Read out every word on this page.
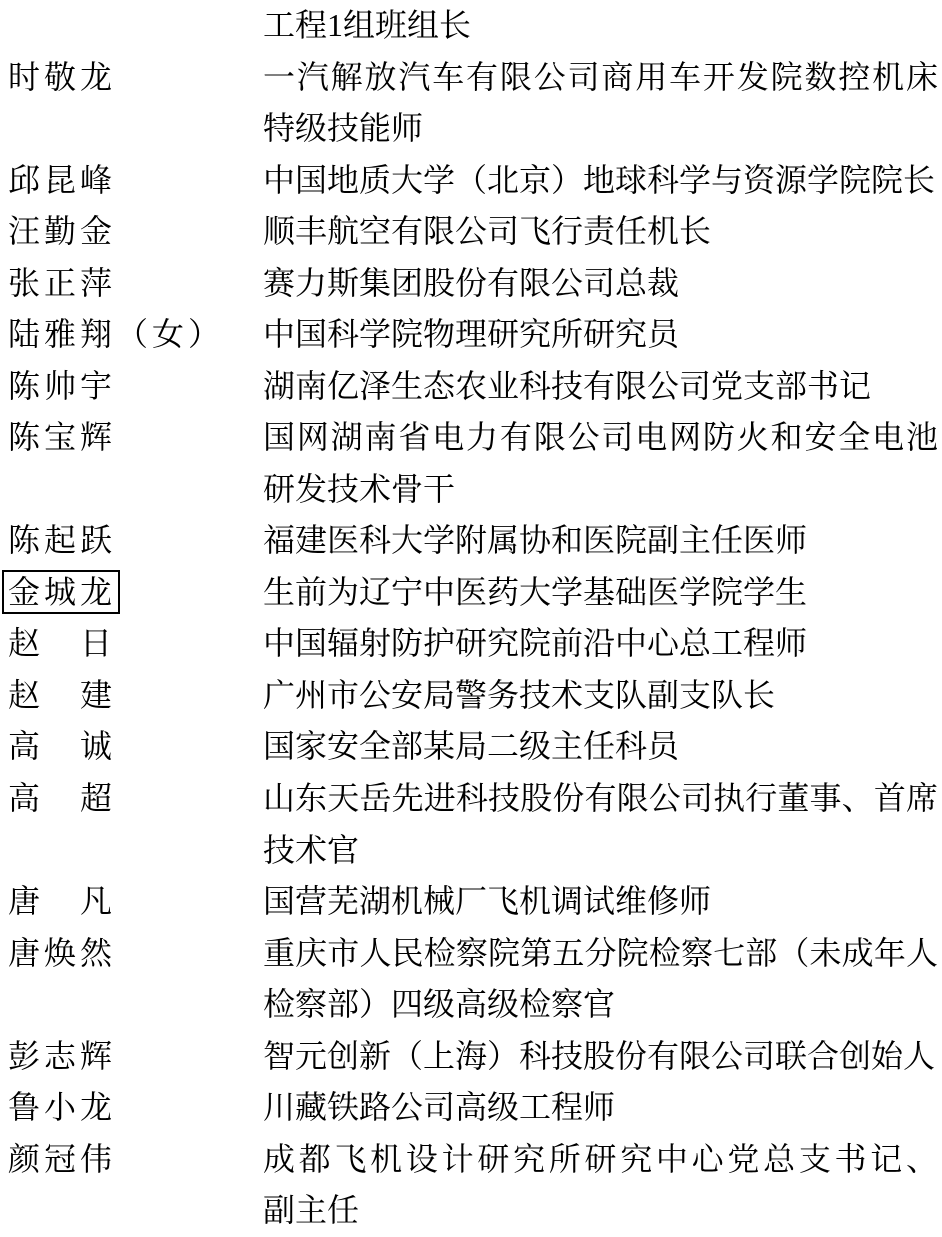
工程1组班组长
时敬龙	一汽解放汽车有限公司商用车开发院数控机床
特级技能师
邱昆峰	中国地质大学（北京）地球科学与资源学院院长
汪勤金	顺丰航空有限公司飞行责任机长
张正萍	赛力斯集团股份有限公司总裁
陆雅翔（女）	中国科学院物理研究所研究员
陈帅宇	湖南亿泽生态农业科技有限公司党支部书记
陈宝辉	国网湖南省电力有限公司电网防火和安全电池
研发技术骨干
陈起跃	福建医科大学附属协和医院副主任医师
金城龙	生前为辽宁中医药大学基础医学院学生
赵　日	中国辐射防护研究院前沿中心总工程师
赵　建	广州市公安局警务技术支队副支队长
高　诚	国家安全部某局二级主任科员
高　超	山东天岳先进科技股份有限公司执行董事、首席
技术官
唐　凡	国营芜湖机械厂飞机调试维修师
唐焕然	重庆市人民检察院第五分院检察七部（未成年人
检察部）四级高级检察官
彭志辉	智元创新（上海）科技股份有限公司联合创始人
鲁小龙	川藏铁路公司高级工程师
颜冠伟	成都飞机设计研究所研究中心党总支书记、
副主任
